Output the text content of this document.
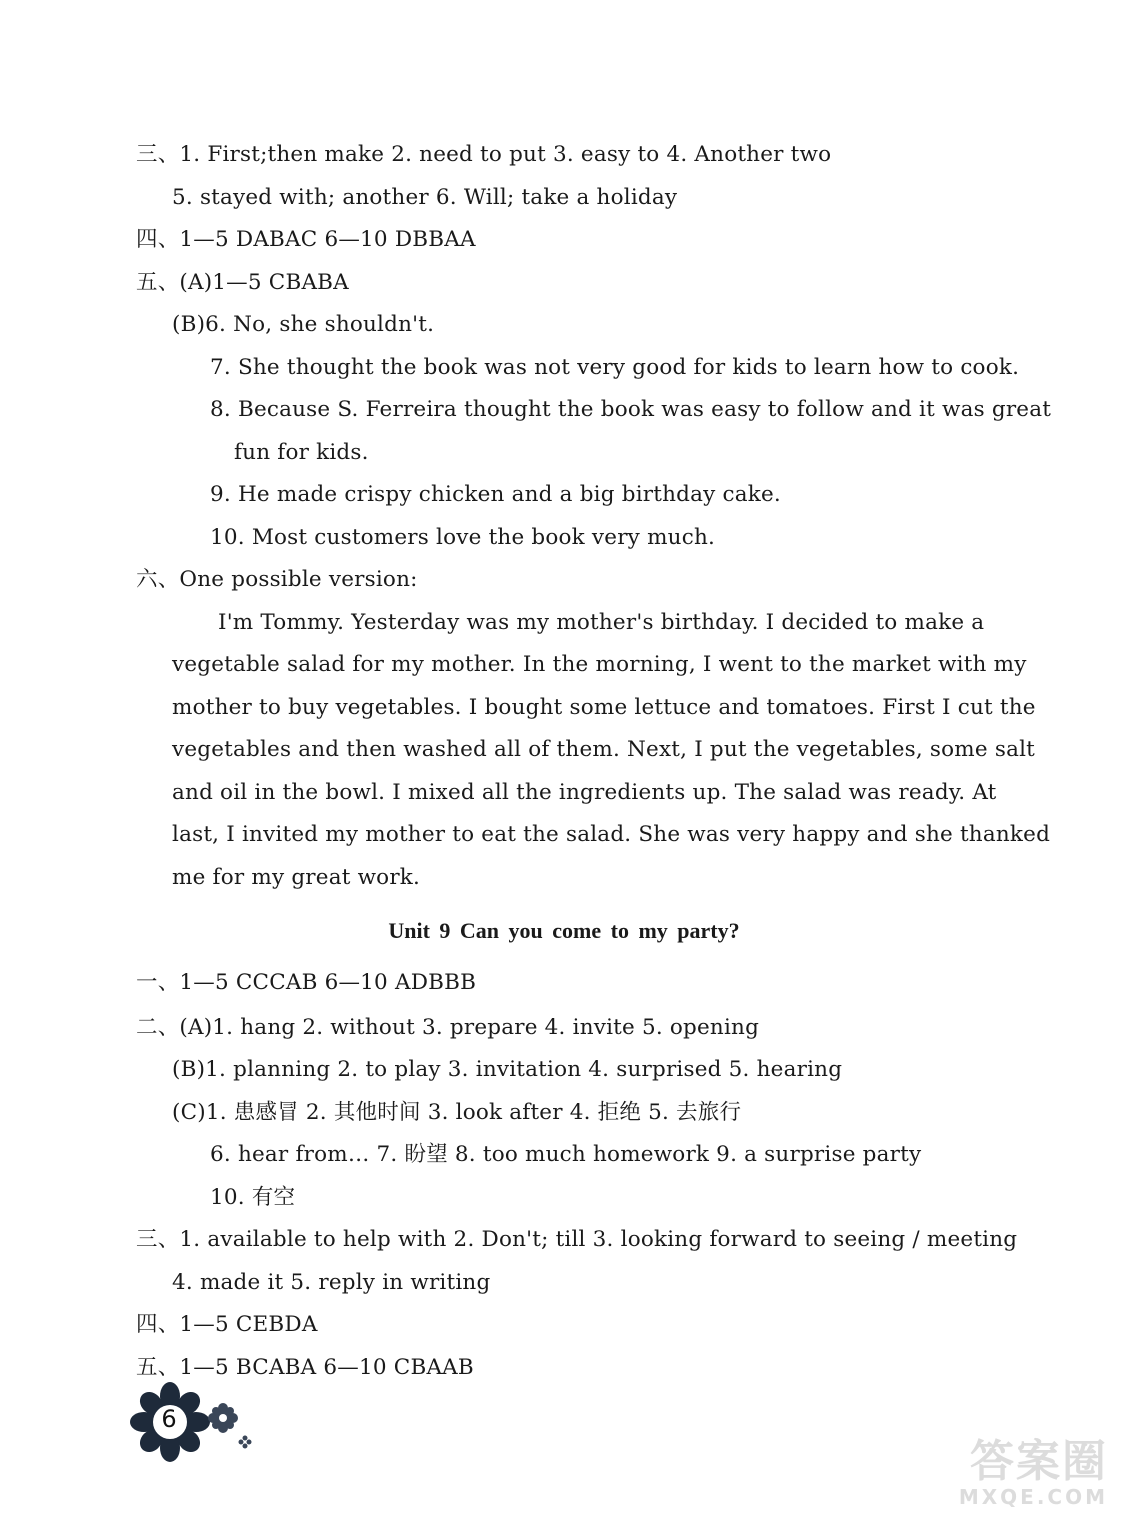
三、1. First;then make 2. need to put 3. easy to 4. Another two
5. stayed with; another 6. Will; take a holiday
四、1—5 DABAC 6—10 DBBAA
五、(A)1—5 CBABA
(B)6. No, she shouldn't.
7. She thought the book was not very good for kids to learn how to cook.
8. Because S. Ferreira thought the book was easy to follow and it was great
fun for kids.
9. He made crispy chicken and a big birthday cake.
10. Most customers love the book very much.
六、One possible version:
I'm Tommy. Yesterday was my mother's birthday. I decided to make a
vegetable salad for my mother. In the morning, I went to the market with my
mother to buy vegetables. I bought some lettuce and tomatoes. First I cut the
vegetables and then washed all of them. Next, I put the vegetables, some salt
and oil in the bowl. I mixed all the ingredients up. The salad was ready. At
last, I invited my mother to eat the salad. She was very happy and she thanked
me for my great work.
Unit 9 Can you come to my party?
一、1—5 CCCAB 6—10 ADBBB
二、(A)1. hang 2. without 3. prepare 4. invite 5. opening
(B)1. planning 2. to play 3. invitation 4. surprised 5. hearing
(C)1. 患感冒 2. 其他时间 3. look after 4. 拒绝 5. 去旅行
6. hear from… 7. 盼望 8. too much homework 9. a surprise party
10. 有空
三、1. available to help with 2. Don't; till 3. looking forward to seeing / meeting
4. made it 5. reply in writing
四、1—5 CEBDA
五、1—5 BCABA 6—10 CBAAB
6
答案圈
MXQE.COM
